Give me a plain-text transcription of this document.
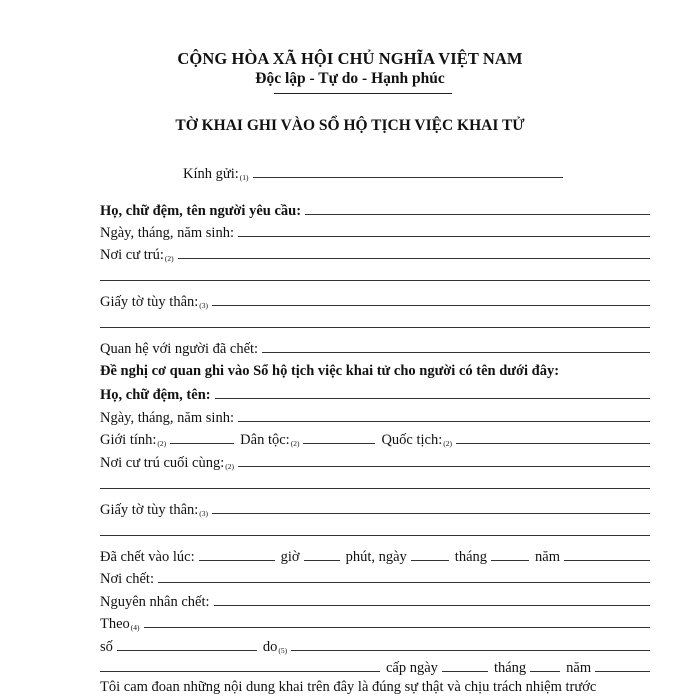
CỘNG HÒA XÃ HỘI CHỦ NGHĨA VIỆT NAM
Độc lập - Tự do - Hạnh phúc
TỜ KHAI GHI VÀO SỔ HỘ TỊCH VIỆC KHAI TỬ
Kính $gửi:_{(1)}$
Họ, chữ đệm, tên người yêu cầu:
Ngày, tháng, năm sinh:
Nơi cư $trú:_{(2)}$
Giấy tờ tùy $thân:_{(3)}$
Quan hệ với người đã chết:
Đề nghị cơ quan ghi vào Sổ hộ tịch việc khai tử cho người có tên dưới đây:
Họ, chữ đệm, tên:
Ngày, tháng, năm sinh:
Giới $tính:_{(2)}$	Dân $tộc:_{(2)}$	Quốc $tịch:_{(2)}$
Nơi cư trú cuối $cùng:_{(2)}$
Giấy tờ tùy $thân:_{(3)}$
Đã chết vào lúc:	giờ	phút, ngày	tháng	năm
Nơi chết:
Nguyên nhân chết:
Theo$_{(4)}$
số	$do_{(5)}$
cấp ngày	tháng	năm
Tôi cam đoan những nội dung khai trên đây là đúng sự thật và chịu trách nhiệm trước
